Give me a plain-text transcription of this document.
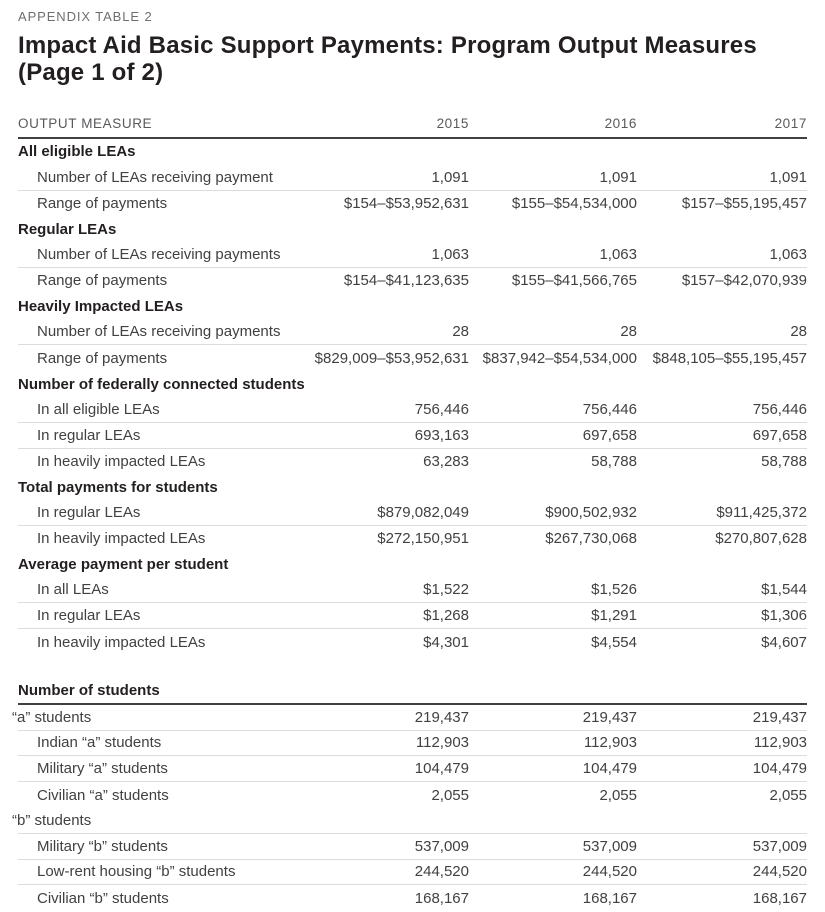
APPENDIX TABLE 2
Impact Aid Basic Support Payments: Program Output Measures
(Page 1 of 2)
OUTPUT MEASURE	2015	2016	2017
All eligible LEAs
Number of LEAs receiving payment	1,091	1,091	1,091
Range of payments	$154–$53,952,631	$155–$54,534,000	$157–$55,195,457
Regular LEAs
Number of LEAs receiving payments	1,063	1,063	1,063
Range of payments	$154–$41,123,635	$155–$41,566,765	$157–$42,070,939
Heavily Impacted LEAs
Number of LEAs receiving payments	28	28	28
Range of payments	$829,009–$53,952,631 $837,942–$54,534,000	$848,105–$55,195,457
Number of federally connected students
In all eligible LEAs	756,446	756,446	756,446
In regular LEAs	693,163	697,658	697,658
In heavily impacted LEAs	63,283	58,788	58,788
Total payments for students
In regular LEAs	$879,082,049	$900,502,932	$911,425,372
In heavily impacted LEAs	$272,150,951	$267,730,068	$270,807,628
Average payment per student
In all LEAs	$1,522	$1,526	$1,544
In regular LEAs	$1,268	$1,291	$1,306
In heavily impacted LEAs	$4,301	$4,554	$4,607
Number of students
“a” students	219,437	219,437	219,437
Indian “a” students	112,903	112,903	112,903
Military “a” students	104,479	104,479	104,479
Civilian “a” students	2,055	2,055	2,055
“b” students
Military “b” students	537,009	537,009	537,009
Low-rent housing “b” students	244,520	244,520	244,520
Civilian “b” students	168,167	168,167	168,167
